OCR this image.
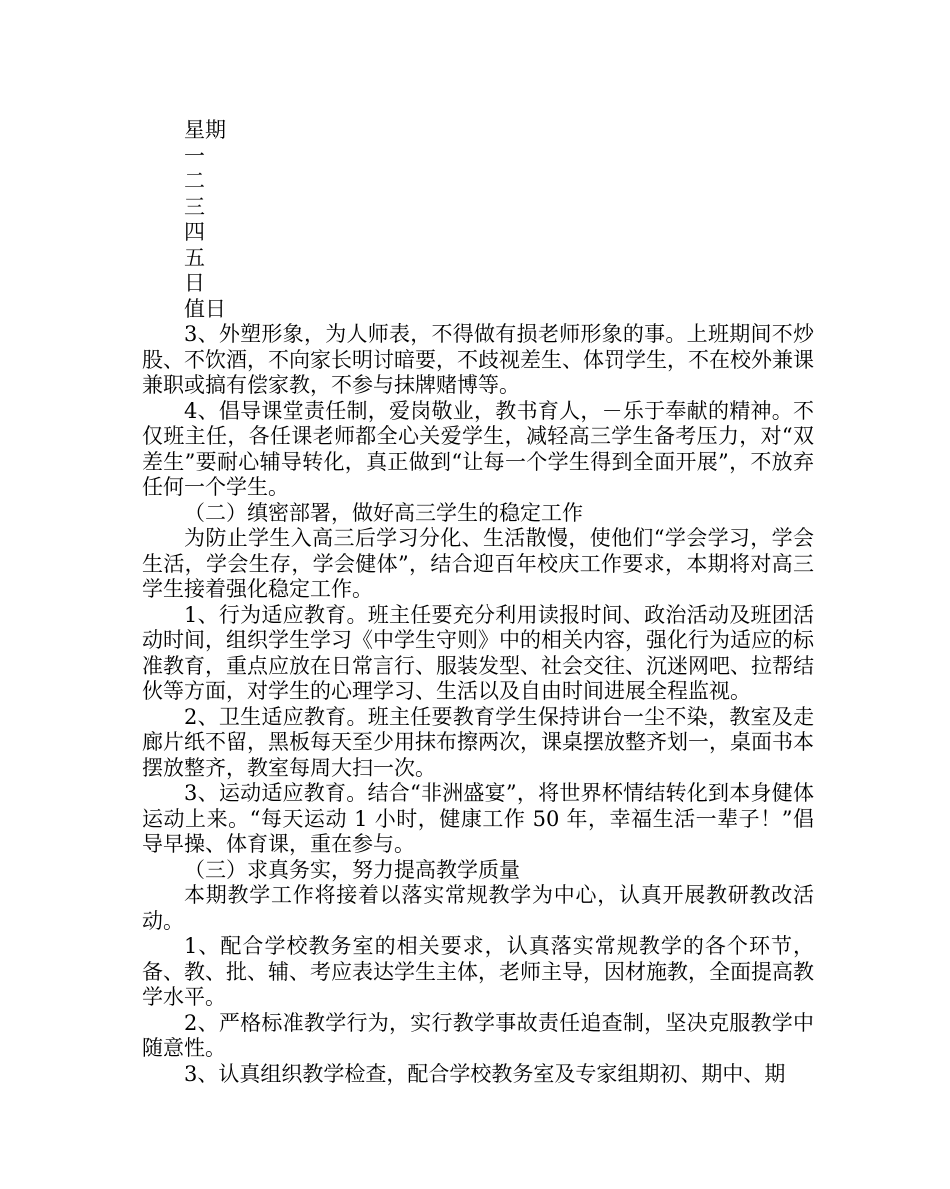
星期
一
二
三
四
五
日
值日

3、外塑形象，为人师表，不得做有损老师形象的事。上班期间不炒股、不饮酒，不向家长明讨暗要，不歧视差生、体罚学生，不在校外兼课兼职或搞有偿家教，不参与抹牌赌博等。

4、倡导课堂责任制，爱岗敬业，教书育人，－乐于奉献的精神。不仅班主任，各任课老师都全心关爱学生，减轻高三学生备考压力，对“双差生”要耐心辅导转化，真正做到“让每一个学生得到全面开展”，不放弃任何一个学生。

（二）缜密部署，做好高三学生的稳定工作

为防止学生入高三后学习分化、生活散慢，使他们“学会学习，学会生活，学会生存，学会健体”，结合迎百年校庆工作要求，本期将对高三学生接着强化稳定工作。

1、行为适应教育。班主任要充分利用读报时间、政治活动及班团活动时间，组织学生学习《中学生守则》中的相关内容，强化行为适应的标准教育，重点应放在日常言行、服装发型、社会交往、沉迷网吧、拉帮结伙等方面，对学生的心理学习、生活以及自由时间进展全程监视。

2、卫生适应教育。班主任要教育学生保持讲台一尘不染，教室及走廊片纸不留，黑板每天至少用抹布擦两次，课桌摆放整齐划一，桌面书本摆放整齐，教室每周大扫一次。

3、运动适应教育。结合“非洲盛宴”，将世界杯情结转化到本身健体运动上来。“每天运动 1 小时，健康工作 50 年，幸福生活一辈子！”倡导早操、体育课，重在参与。

（三）求真务实，努力提高教学质量

本期教学工作将接着以落实常规教学为中心，认真开展教研教改活动。

1、配合学校教务室的相关要求，认真落实常规教学的各个环节，备、教、批、辅、考应表达学生主体，老师主导，因材施教，全面提高教学水平。

2、严格标准教学行为，实行教学事故责任追查制，坚决克服教学中随意性。

3、认真组织教学检查，配合学校教务室及专家组期初、期中、期
